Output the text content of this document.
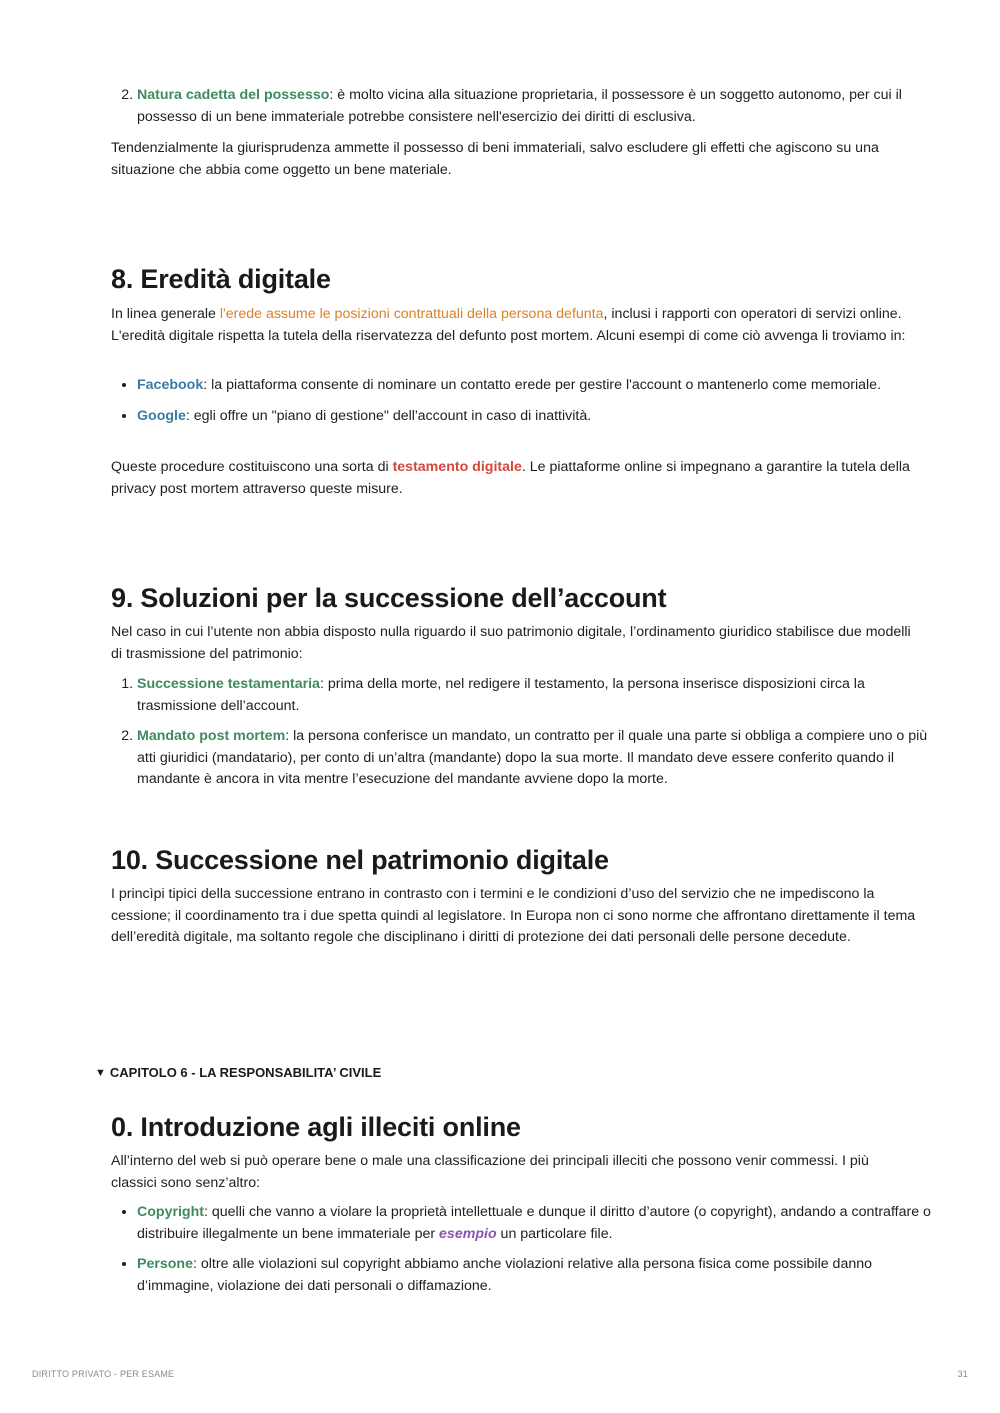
2. Natura cadetta del possesso: è molto vicina alla situazione proprietaria, il possessore è un soggetto autonomo, per cui il possesso di un bene immateriale potrebbe consistere nell'esercizio dei diritti di esclusiva.

Tendenzialmente la giurisprudenza ammette il possesso di beni immateriali, salvo escludere gli effetti che agiscono su una situazione che abbia come oggetto un bene materiale.

8. Eredità digitale

In linea generale l'erede assume le posizioni contrattuali della persona defunta, inclusi i rapporti con operatori di servizi online. L'eredità digitale rispetta la tutela della riservatezza del defunto post mortem. Alcuni esempi di come ciò avvenga li troviamo in:

• Facebook: la piattaforma consente di nominare un contatto erede per gestire l'account o mantenerlo come memoriale.
• Google: egli offre un "piano di gestione" dell'account in caso di inattività.

Queste procedure costituiscono una sorta di testamento digitale. Le piattaforme online si impegnano a garantire la tutela della privacy post mortem attraverso queste misure.

9. Soluzioni per la successione dell’account

Nel caso in cui l’utente non abbia disposto nulla riguardo il suo patrimonio digitale, l’ordinamento giuridico stabilisce due modelli di trasmissione del patrimonio:

1. Successione testamentaria: prima della morte, nel redigere il testamento, la persona inserisce disposizioni circa la trasmissione dell’account.
2. Mandato post mortem: la persona conferisce un mandato, un contratto per il quale una parte si obbliga a compiere uno o più atti giuridici (mandatario), per conto di un’altra (mandante) dopo la sua morte. Il mandato deve essere conferito quando il mandante è ancora in vita mentre l’esecuzione del mandante avviene dopo la morte.
10. Successione nel patrimonio digitale

I princìpi tipici della successione entrano in contrasto con i termini e le condizioni d’uso del servizio che ne impediscono la cessione; il coordinamento tra i due spetta quindi al legislatore. In Europa non ci sono norme che affrontano direttamente il tema dell’eredità digitale, ma soltanto regole che disciplinano i diritti di protezione dei dati personali delle persone decedute.

0. Introduzione agli illeciti online

All’interno del web si può operare bene o male una classificazione dei principali illeciti che possono venir commessi. I più classici sono senz’altro:

• Copyright: quelli che vanno a violare la proprietà intellettuale e dunque il diritto d’autore (o copyright), andando a contraffare o distribuire illegalmente un bene immateriale per esempio un particolare file.
• Persone: oltre alle violazioni sul copyright abbiamo anche violazioni relative alla persona fisica come possibile danno d’immagine, violazione dei dati personali o diffamazione.
▼ CAPITOLO 6 - LA RESPONSABILITA’ CIVILE
DIRITTO PRIVATO - PER ESAME	31
